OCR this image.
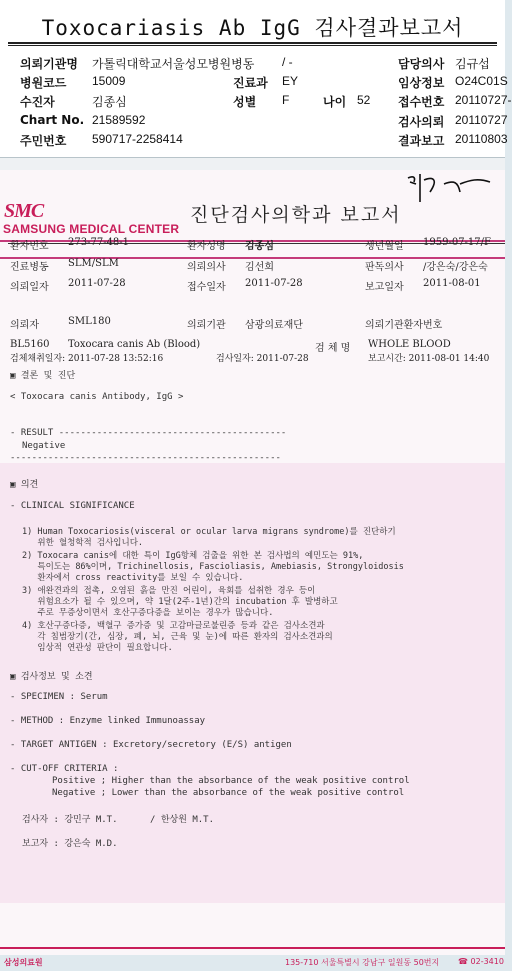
Toxocariasis Ab IgG 검사결과보고서
의뢰기관명 가톨릭대학교서울성모병원병동 / -	담당의사 김규섭
병원코드 15009	진료과 EY	임상정보 O24C01S
수진자	김종심	성별 F	나이 52 접수번호 20110727-
Chart No. 21589592	검사의뢰 20110727
주민번호 590717-2258414	결과보고 20110803
SMC
SAMSUNG MEDICAL CENTER
진단검사의학과 보고서
환자번호 273-77-48-1	환자성명 김종심	생년월일 1959-07-17/F
진료병동 SLM/SLM	의뢰의사 김선희	판독의사 /강은숙/강은숙
의뢰일자 2011-07-28	접수일자 2011-07-28	보고일자 2011-08-01
의뢰자	SML180	의뢰기관 삼광의료재단	의뢰기관환자번호
BL5160 Toxocara canis Ab (Blood)	검 체 명 WHOLE BLOOD
검체채취일자: 2011-07-28 13:52:16	검사일자: 2011-07-28	보고시간: 2011-08-01 14:40
▣ 결론 및 진단
< Toxocara canis Antibody, IgG >
- RESULT ------------------------------------------
Negative
--------------------------------------------------
▣ 의견
- CLINICAL SIGNIFICANCE
1) Human Toxocariosis(visceral or ocular larva migrans syndrome)를 진단하기
위한 혈청학적 검사입니다.
2) Toxocara canis에 대한 특이 IgG항체 검출을 위한 본 검사법의 예민도는 91%,
특이도는 86%이며, Trichinellosis, Fascioliasis, Amebiasis, Strongyloidosis
환자에서 cross reactivity를 보일 수 있습니다.
3) 애완견과의 접촉, 오염된 흙을 만진 어린이, 육회를 섭취한 경우 등이
위험요소가 될 수 있으며, 약 1달(2주-1년)간의 incubation 후 발병하고
주로 무증상이면서 호산구증다증을 보이는 경우가 많습니다.
4) 호산구증다증, 백혈구 증가증 및 고감마글로불린증 등과 같은 검사소견과
각 침범장기(간, 심장, 폐, 뇌, 근육 및 눈)에 따른 환자의 검사소견과의
임상적 연관성 판단이 필요합니다.
▣ 검사정보 및 소견
- SPECIMEN : Serum
- METHOD : Enzyme linked Immunoassay
- TARGET ANTIGEN : Excretory/secretory (E/S) antigen
- CUT-OFF CRITERIA :
Positive ; Higher than the absorbance of the weak positive control
Negative ; Lower than the absorbance of the weak positive control
검사자 : 강민구 M.T.	/ 한상원 M.T.
보고자 : 강은숙 M.D.
삼성의료원	135-710 서울특별시 강남구 일원동 50번지 ☎ 02-3410
